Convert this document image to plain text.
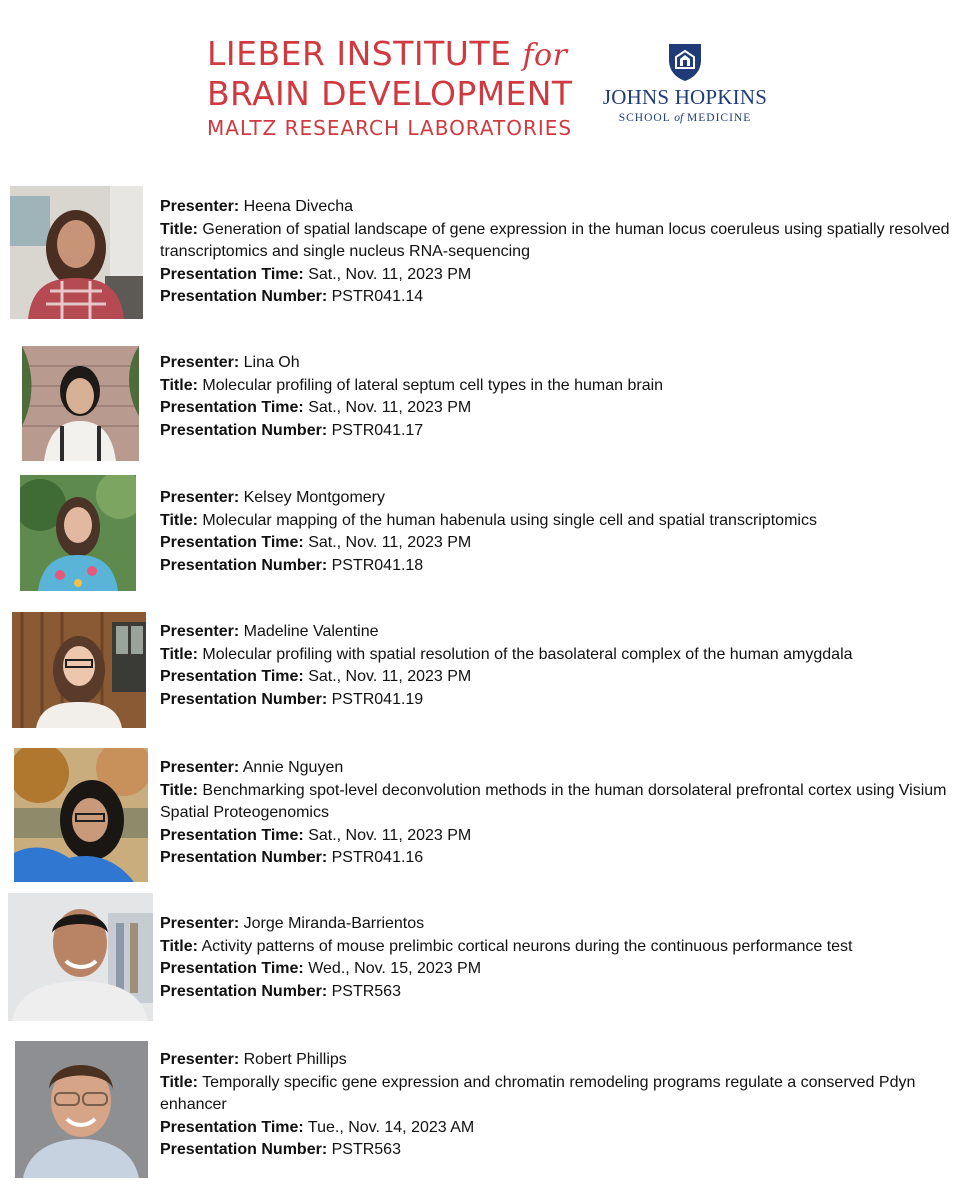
LIEBER INSTITUTE for
BRAIN DEVELOPMENT
MALTZ RESEARCH LABORATORIES
JOHNS HOPKINS
SCHOOL of MEDICINE
Presenter: Heena Divecha
Title: Generation of spatial landscape of gene expression in the human locus coeruleus using spatially resolved transcriptomics and single nucleus RNA-sequencing
Presentation Time: Sat., Nov. 11, 2023 PM
Presentation Number: PSTR041.14
Presenter: Lina Oh
Title: Molecular profiling of lateral septum cell types in the human brain
Presentation Time: Sat., Nov. 11, 2023 PM
Presentation Number: PSTR041.17
Presenter: Kelsey Montgomery
Title: Molecular mapping of the human habenula using single cell and spatial transcriptomics
Presentation Time: Sat., Nov. 11, 2023 PM
Presentation Number: PSTR041.18
Presenter: Madeline Valentine
Title: Molecular profiling with spatial resolution of the basolateral complex of the human amygdala
Presentation Time: Sat., Nov. 11, 2023 PM
Presentation Number: PSTR041.19
Presenter: Annie Nguyen
Title: Benchmarking spot-level deconvolution methods in the human dorsolateral prefrontal cortex using Visium Spatial Proteogenomics
Presentation Time: Sat., Nov. 11, 2023 PM
Presentation Number: PSTR041.16
Presenter: Jorge Miranda-Barrientos
Title: Activity patterns of mouse prelimbic cortical neurons during the continuous performance test
Presentation Time: Wed., Nov. 15, 2023 PM
Presentation Number: PSTR563
Presenter: Robert Phillips
Title: Temporally specific gene expression and chromatin remodeling programs regulate a conserved Pdyn enhancer
Presentation Time: Tue., Nov. 14, 2023 AM
Presentation Number: PSTR563
